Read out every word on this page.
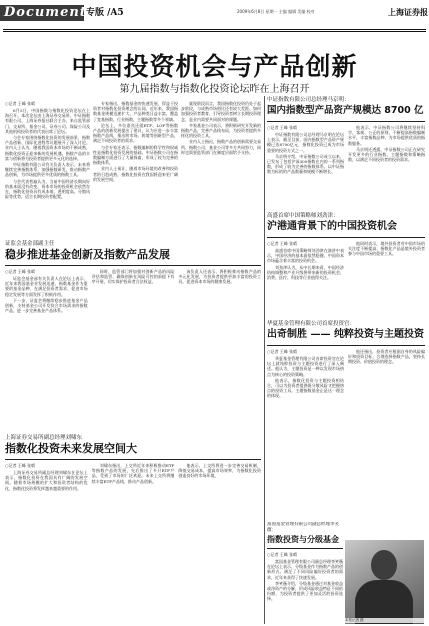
Document 专版 /A5	2009年6月8日 星期一 主编 编辑 美编 校对	上海证券报
中国投资机会与产品创新
第九届指数与指数化投资论坛昨在上海召开
○记者 王峰 张晴

6月5日，中国指数与指数化投资论坛在上海召开。本次论坛由上海证券交易所、中证指数有限公司、上海证券报社联合主办，来自监管部门、交易所、基金公司、证券公司、保险公司及其他机构投资者的代表出席了论坛。

与会专家围绕指数化投资的发展前景、指数产品创新、国际化进程等议题展开了深入讨论。业内人士认为，随着我国资本市场的不断成熟，指数化投资正迎来新的发展机遇，指数产品的丰富与创新将为投资者提供更多元化的选择。

中证指数有限公司有关负责人表示，未来将继续完善指数体系，加强指数研发，推动指数产品创新，为市场提供更多优质的指数工具。

与会代表普遍认为，当前中国经济长期向好的基本面没有改变，资本市场的投资机会依然存在，指数化投资具有成本低、透明度高、分散风险等优势，适合长期投资者配置。

专家指出，指数基金的快速发展，得益于投资者对指数化投资理念的认同。近年来，我国指数基金规模迅速扩大，产品种类日益丰富，覆盖了宽基指数、行业指数、主题指数等多个领域。

论坛上，多位嘉宾还就ETF、LOF等指数产品的创新发展提出了建议，认为应进一步丰富指数产品线，推出跨市场、跨境等创新型产品，满足不同投资者的需求。

与会专家还表示，指数编制的科学性和权威性是指数化投资发展的基础。中证指数公司在指数编制方面进行了大量探索，形成了较为完善的指数体系。

业内人士预计，随着市场环境的改善和投资者的日趋成熟，指数化投资在我国将迎来更广阔的发展空间。

就现阶段而言，我国指数化投资仍处于起步阶段，与成熟市场相比还有较大差距。如何加强投资者教育，引导投资者树立长期投资理念，是业内需要共同面对的课题。

多家基金公司表示，将积极研究开发新的指数产品，完善产品线布局，为投资者提供多样化的投资工具。

业内人士指出，指数产品的创新需要交易所、指数公司、基金公司等多方共同努力，同时也需要监管部门在制度层面给予支持。

证监会基金部副主任
稳步推进基金创新及指数产品发展
○记者 王峰 张晴

证监会基金部有关负责人在论坛上表示，近年来我国基金业发展迅速，指数基金作为重要的基金品种，在满足投资者需求、促进市场稳定发展等方面发挥了积极作用。

下一步，证监会将继续稳步推进基金产品创新，支持基金公司开发符合市场需求的指数产品，进一步完善基金产品体系。

同时，监管部门将加强对创新产品的风险评估和监管，确保创新在风险可控的前提下有序开展，切实保护投资者合法权益。

该负责人还表示，将积极推动指数产品的多元化发展，为投资者提供更加丰富的投资工具，促进资本市场的健康发展。

上海证券交易所副总经理刘啸东
指数化投资未来发展空间大
○记者 王峰 张晴

上海证券交易所副总经理刘啸东在论坛上表示，指数化投资在我国具有广阔的发展空间。随着市场规模的扩大和投资者结构的优化，指数化投资将发挥越来越重要的作用。

刘啸东指出，上交所近年来积极推动ETF等指数产品的发展，先后推出了多只ETF产品，受到了市场的广泛欢迎。未来上交所将继续丰富ETF产品线，推动产品创新。

他表示，上交所将进一步完善交易机制，降低交易成本，提高市场效率，为指数化投资创造良好的市场环境。

中证指数有限公司总经理马京明：
国内指数型产品资产规模达 8700 亿
○记者 王峰 张晴

中证指数有限公司总经理马京明在论坛上表示，截至目前，国内指数型产品资产规模已达8700亿元，指数化投资已成为市场重要的投资方式之一。

马京明介绍，中证指数公司成立以来，已发布了包括沪深300指数在内的一系列指数，形成了较为完善的指数体系。以中证指数为标的的产品数量和规模不断增长。

他表示，中证指数公司将继续坚持科学、客观、公正的原则，不断提高指数编制水平，丰富指数品种，为市场提供优质的指数服务。

马京明还透露，中证指数公司正在研究开发更多的行业指数、主题指数和策略指数，以满足不同投资者的投资需求。

高盛首席中国策略师刘劲津：
沪港通背景下的中国投资机会
○记者 王峰 张晴

高盛首席中国策略师刘劲津在演讲中表示，中国经济的基本面依然稳健，中国资本市场蕴含着丰富的投资机会。

刘劲津认为，从中长期来看，中国经济结构调整和产业升级将带来新的投资机会，消费、医疗、科技等行业值得关注。

他同时表示，境外投资者对中国市场的关注度不断提高，指数化产品是境外投资者参与中国市场的重要工具。

华夏基金管理有限公司首席投资官：
出奇制胜 —— 纯粹投资与主题投资
○记者 王峰 张晴

华夏基金管理有限公司首席投资官在论坛上就纯粹投资与主题投资进行了深入阐述。他认为，主题投资是一种以发现市场热点为核心的投资策略。

他表示，指数化投资与主题投资相结合，可以为投资者提供既分散风险又把握热点的投资工具。主题指数基金正是这一理念的体现。

他还指出，投资者应根据自身的风险偏好和投资目标，合理选择指数产品，坚持长期投资、价值投资的理念。

富国基金管理有限公司副总经理李笑薇：
指数投资与分级基金
○记者 王峰 张晴

富国基金管理有限公司副总经理李笑薇在论坛上表示，分级基金作为指数产品的创新形式，满足了不同风险偏好投资者的需求，近年来获得了快速发展。

李笑薇介绍，分级基金通过对基金收益或净资产的分解，形成风险收益特征不同的份额，为投资者提供了更加灵活的投资选择。

本报记者 摄
